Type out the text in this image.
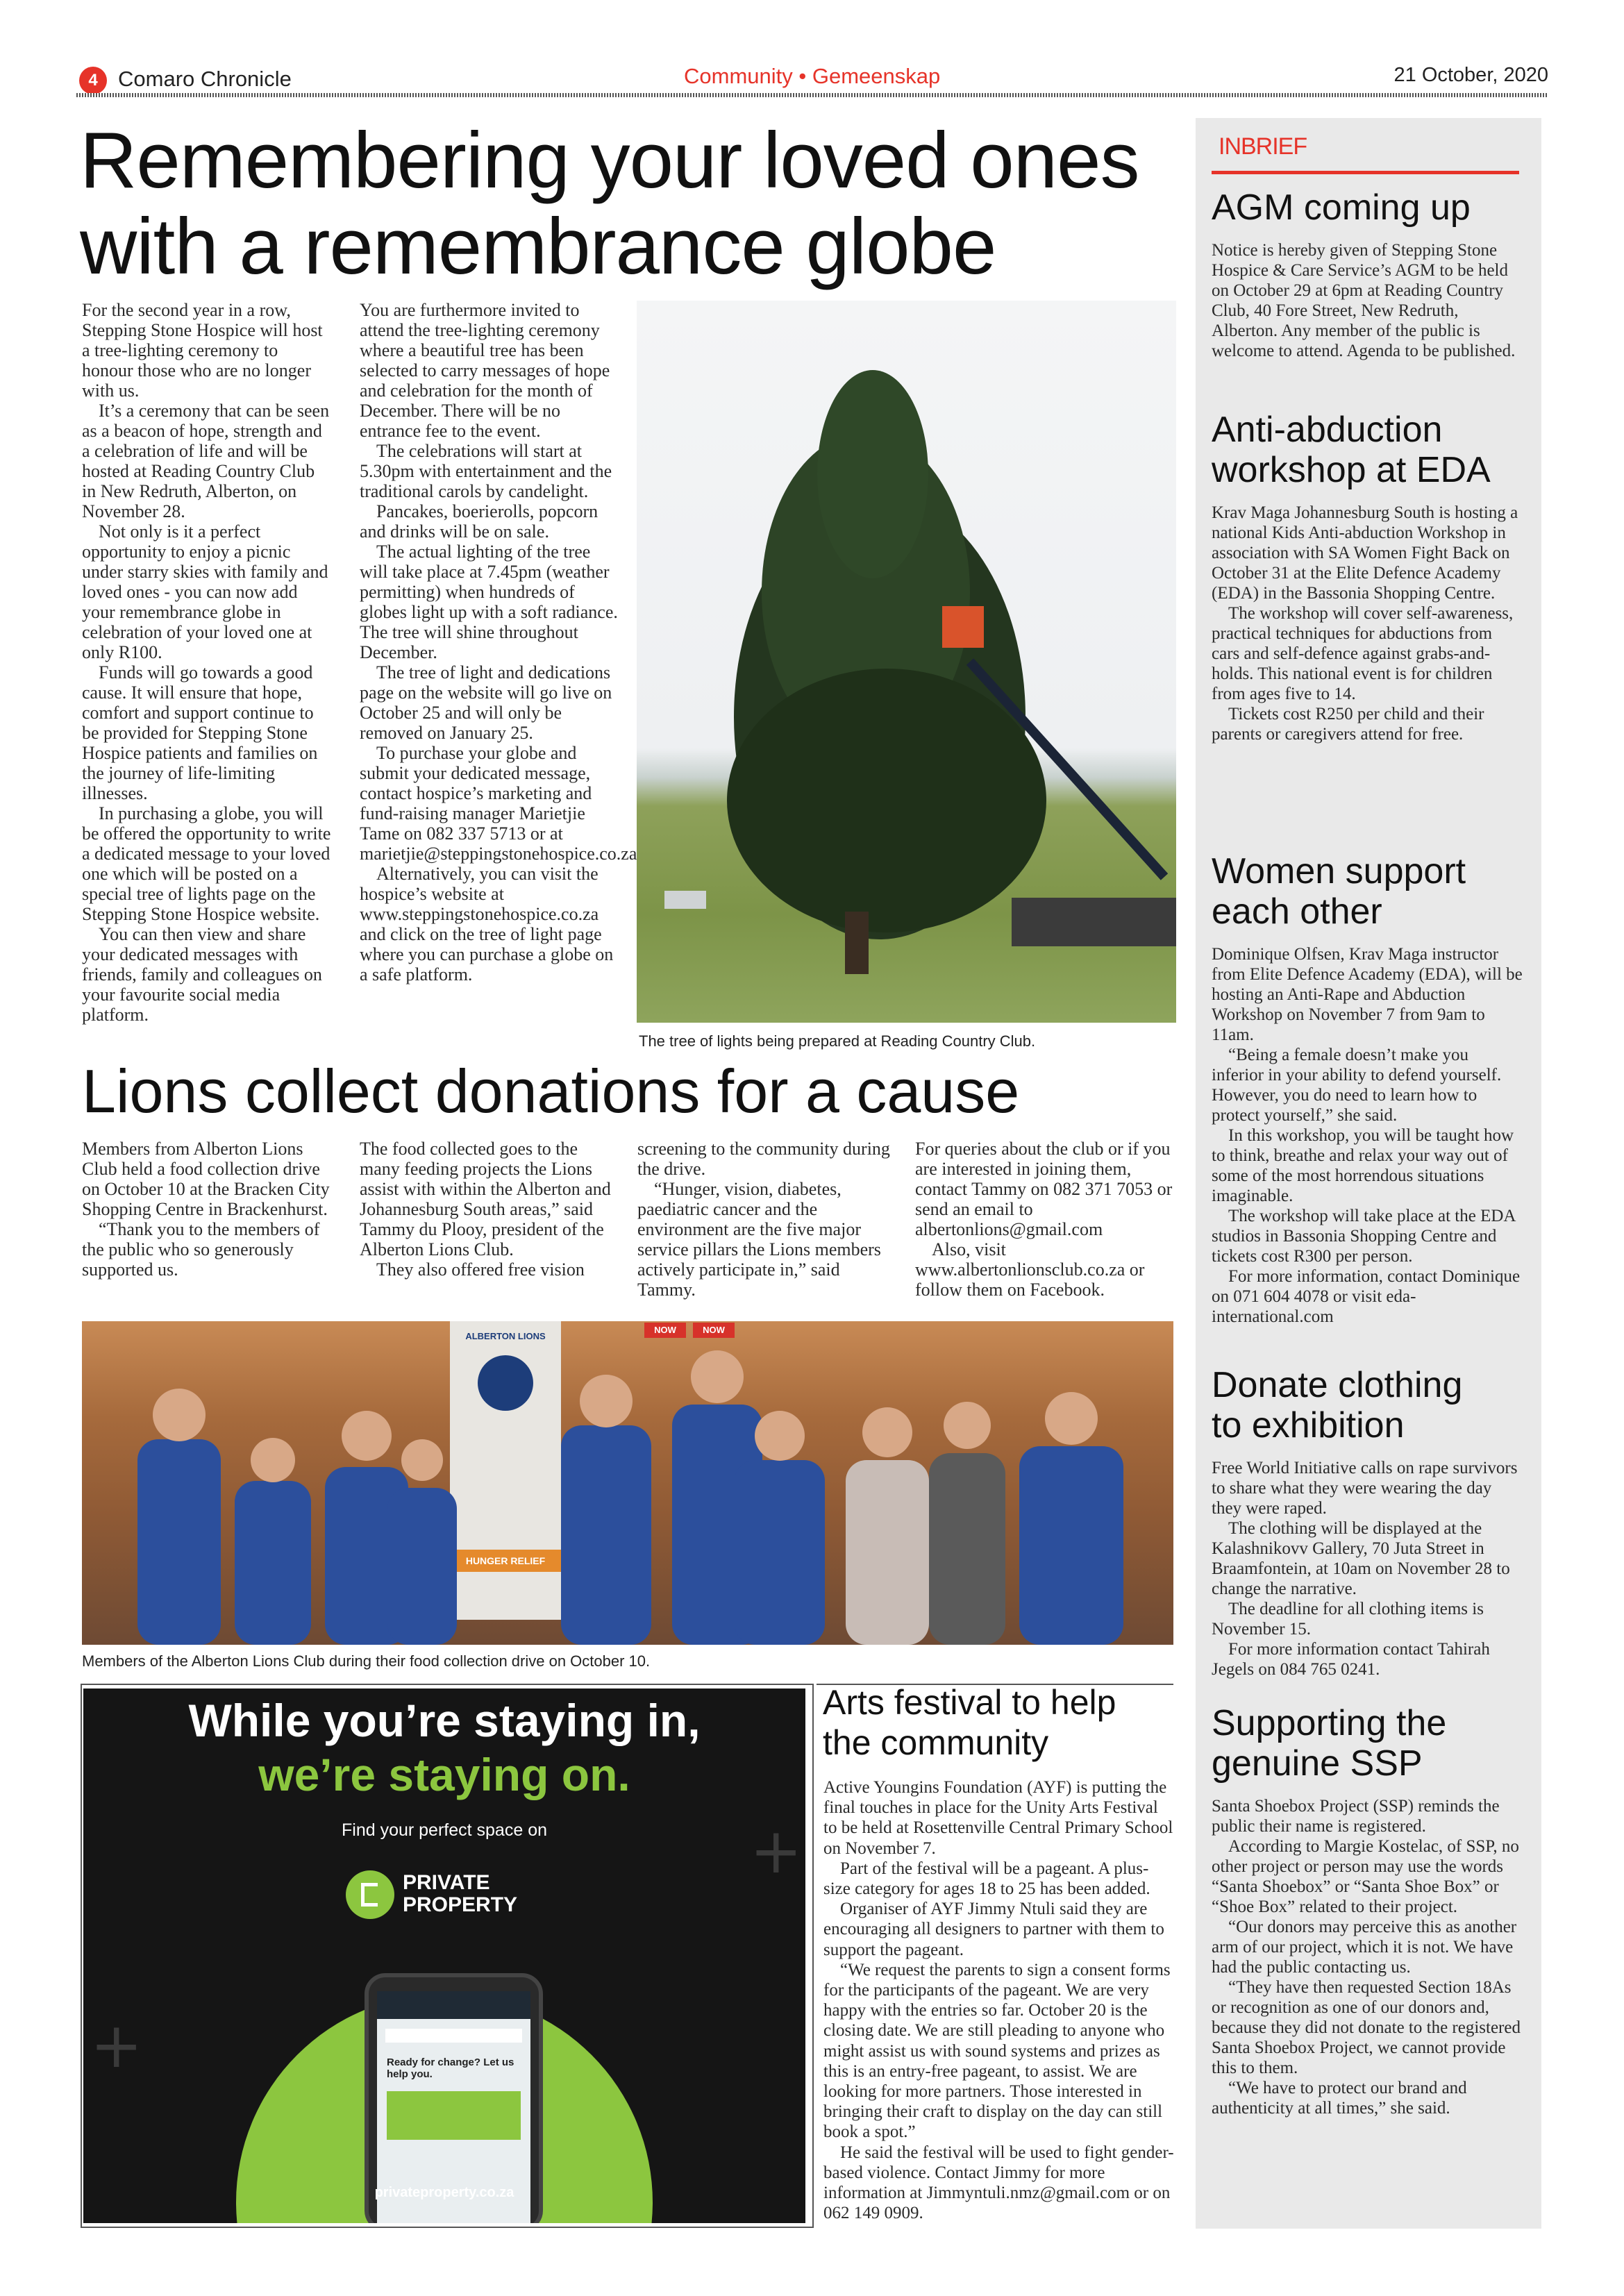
4 Comaro Chronicle	Community • Gemeenskap	21 October, 2020
Remembering your loved ones
with a remembrance globe

For the second year in a row, Stepping Stone Hospice will host a tree-lighting ceremony to honour those who are no longer with us.

It’s a ceremony that can be seen as a beacon of hope, strength and a celebration of life and will be hosted at Reading Country Club in New Redruth, Alberton, on November 28.

Not only is it a perfect opportunity to enjoy a picnic under starry skies with family and loved ones - you can now add your remembrance globe in celebration of your loved one at only R100.

Funds will go towards a good cause. It will ensure that hope, comfort and support continue to be provided for Stepping Stone Hospice patients and families on the journey of life-limiting illnesses.

In purchasing a globe, you will be offered the opportunity to write a dedicated message to your loved one which will be posted on a special tree of lights page on the Stepping Stone Hospice website.

You can then view and share your dedicated messages with friends, family and colleagues on your favourite social media platform.

You are furthermore invited to attend the tree-lighting ceremony where a beautiful tree has been selected to carry messages of hope and celebration for the month of December. There will be no entrance fee to the event.

The celebrations will start at 5.30pm with entertainment and the traditional carols by candelight.

Pancakes, boerierolls, popcorn and drinks will be on sale.

The actual lighting of the tree will take place at 7.45pm (weather permitting) when hundreds of globes light up with a soft radiance. The tree will shine throughout December.

The tree of light and dedications page on the website will go live on October 25 and will only be removed on January 25.

To purchase your globe and submit your dedicated message, contact hospice’s marketing and fund-raising manager Marietjie Tame on 082 337 5713 or at marietjie@steppingstonehospice.co.za

Alternatively, you can visit the hospice’s website at www.steppingstonehospice.co.za and click on the tree of light page where you can purchase a globe on a safe platform.

The tree of lights being prepared at Reading Country Club.
Lions collect donations for a cause

Members from Alberton Lions Club held a food collection drive on October 10 at the Bracken City Shopping Centre in Brackenhurst.

“Thank you to the members of the public who so generously supported us.

The food collected goes to the many feeding projects the Lions assist with within the Alberton and Johannesburg South areas,” said Tammy du Plooy, president of the Alberton Lions Club.

They also offered free vision

screening to the community during the drive.

“Hunger, vision, diabetes, paediatric cancer and the environment are the five major service pillars the Lions members actively participate in,” said Tammy.

For queries about the club or if you are interested in joining them, contact Tammy on 082 371 7053 or send an email to albertonlions@gmail.com

Also, visit www.albertonlionsclub.co.za or follow them on Facebook.

ALBERTON LIONS
HUNGER RELIEF
NOW	NOW
Members of the Alberton Lions Club during their food collection drive on October 10.
+
+
While you’re staying in,
we’re staying on.
Find your perfect space on
PRIVATE
PROPERTY
Ready for change? Let us help you.
privateproperty.co.za
Arts festival to help
the community

Active Youngins Foundation (AYF) is putting the final touches in place for the Unity Arts Festival to be held at Rosettenville Central Primary School on November 7.

Part of the festival will be a pageant. A plus-size category for ages 18 to 25 has been added.

Organiser of AYF Jimmy Ntuli said they are encouraging all designers to partner with them to support the pageant.

“We request the parents to sign a consent forms for the participants of the pageant. We are very happy with the entries so far. October 20 is the closing date. We are still pleading to anyone who might assist us with sound systems and prizes as this is an entry-free pageant, to assist. We are looking for more partners. Those interested in bringing their craft to display on the day can still book a spot.”

He said the festival will be used to fight gender-based violence. Contact Jimmy for more information at Jimmyntuli.nmz@gmail.com or on 062 149 0909.

INBRIEF
AGM coming up

Notice is hereby given of Stepping Stone Hospice & Care Service’s AGM to be held on October 29 at 6pm at Reading Country Club, 40 Fore Street, New Redruth, Alberton. Any member of the public is welcome to attend. Agenda to be published.

Anti-abduction
workshop at EDA

Krav Maga Johannesburg South is hosting a national Kids Anti-abduction Workshop in association with SA Women Fight Back on October 31 at the Elite Defence Academy (EDA) in the Bassonia Shopping Centre.

The workshop will cover self-awareness, practical techniques for abductions from cars and self-defence against grabs-and-holds. This national event is for children from ages five to 14.

Tickets cost R250 per child and their parents or caregivers attend for free.

Women support
each other

Dominique Olfsen, Krav Maga instructor from Elite Defence Academy (EDA), will be hosting an Anti-Rape and Abduction Workshop on November 7 from 9am to 11am.

“Being a female doesn’t make you inferior in your ability to defend yourself. However, you do need to learn how to protect yourself,” she said.

In this workshop, you will be taught how to think, breathe and relax your way out of some of the most horrendous situations imaginable.

The workshop will take place at the EDA studios in Bassonia Shopping Centre and tickets cost R300 per person.

For more information, contact Dominique on 071 604 4078 or visit eda-international.com

Donate clothing
to exhibition

Free World Initiative calls on rape survivors to share what they were wearing the day they were raped.

The clothing will be displayed at the Kalashnikovv Gallery, 70 Juta Street in Braamfontein, at 10am on November 28 to change the narrative.

The deadline for all clothing items is November 15.

For more information contact Tahirah Jegels on 084 765 0241.

Supporting the
genuine SSP

Santa Shoebox Project (SSP) reminds the public their name is registered.

According to Margie Kostelac, of SSP, no other project or person may use the words “Santa Shoebox” or “Santa Shoe Box” or “Shoe Box” related to their project.

“Our donors may perceive this as another arm of our project, which it is not. We have had the public contacting us.

“They have then requested Section 18As or recognition as one of our donors and, because they did not donate to the registered Santa Shoebox Project, we cannot provide this to them.

“We have to protect our brand and authenticity at all times,” she said.
